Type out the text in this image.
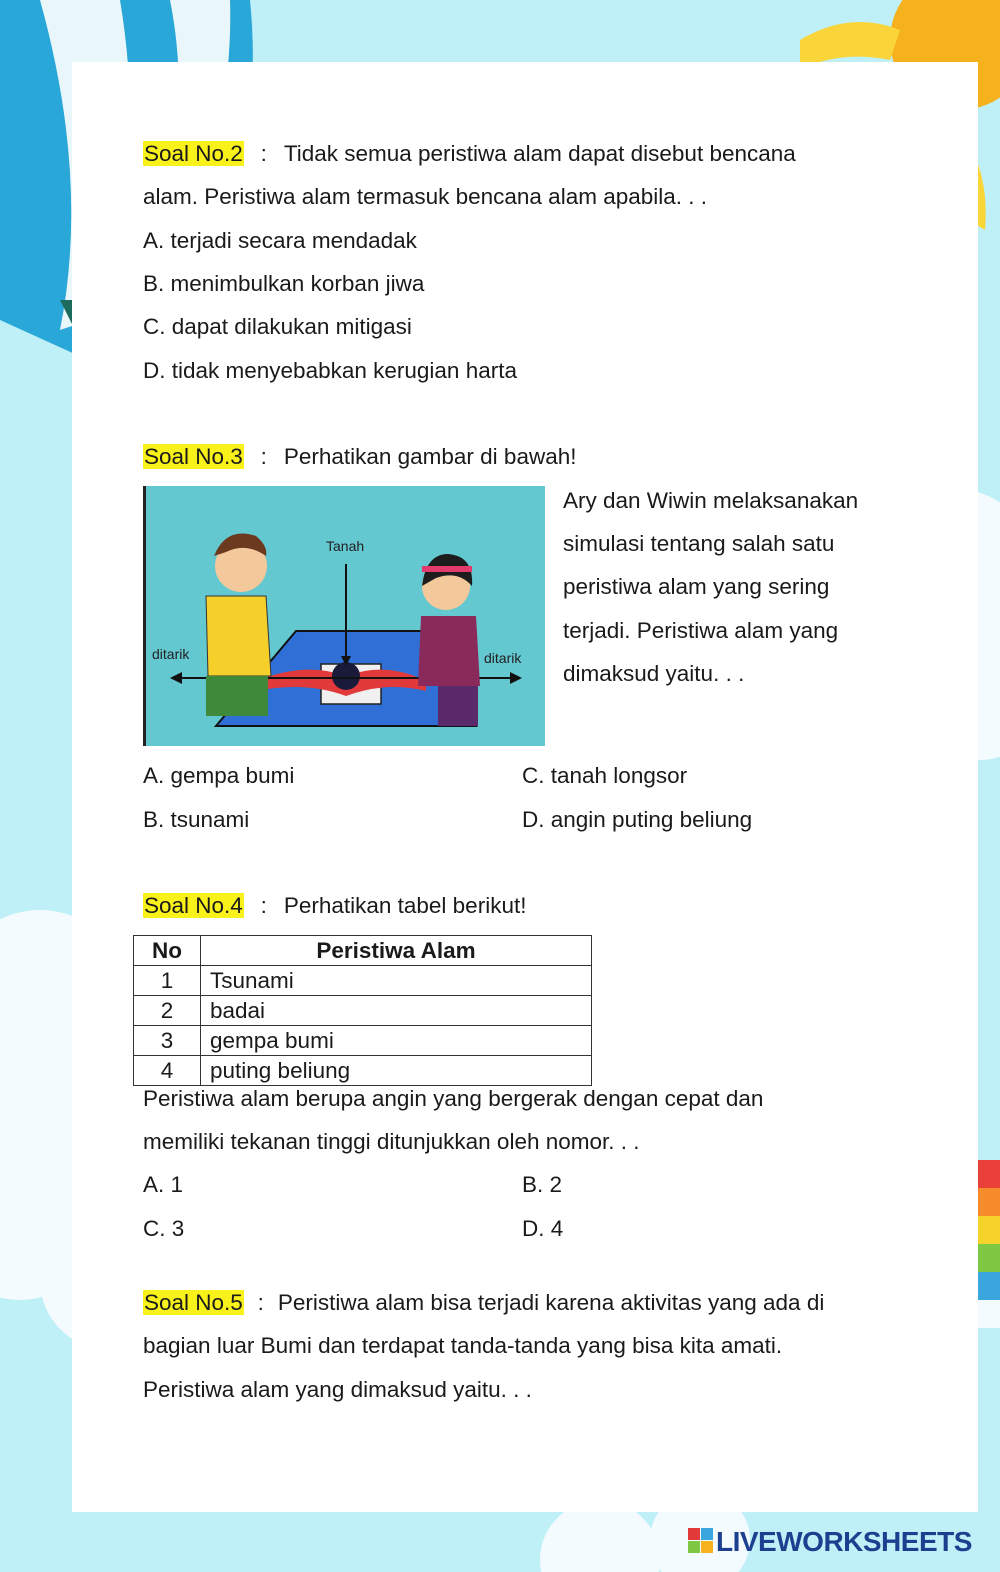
Soal No.2 : Tidak semua peristiwa alam dapat disebut bencana
alam. Peristiwa alam termasuk bencana alam apabila. . .
A. terjadi secara mendadak
B. menimbulkan korban jiwa
C. dapat dilakukan mitigasi
D. tidak menyebabkan kerugian harta
Soal No.3 : Perhatikan gambar di bawah!
Tanah
ditarik	ditarik
Ary dan Wiwin melaksanakan
simulasi tentang salah satu
peristiwa alam yang sering
terjadi. Peristiwa alam yang
dimaksud yaitu. . .
A. gempa bumi	C. tanah longsor
B. tsunami	D. angin puting beliung
Soal No.4 : Perhatikan tabel berikut!
No	Peristiwa Alam
1	Tsunami
2	badai
3	gempa bumi
4	puting beliung
Peristiwa alam berupa angin yang bergerak dengan cepat dan
memiliki tekanan tinggi ditunjukkan oleh nomor. . .
A. 1	B. 2
C. 3	D. 4
Soal No.5 : Peristiwa alam bisa terjadi karena aktivitas yang ada di
bagian luar Bumi dan terdapat tanda-tanda yang bisa kita amati.
Peristiwa alam yang dimaksud yaitu. . .
LIVEWORKSHEETS
